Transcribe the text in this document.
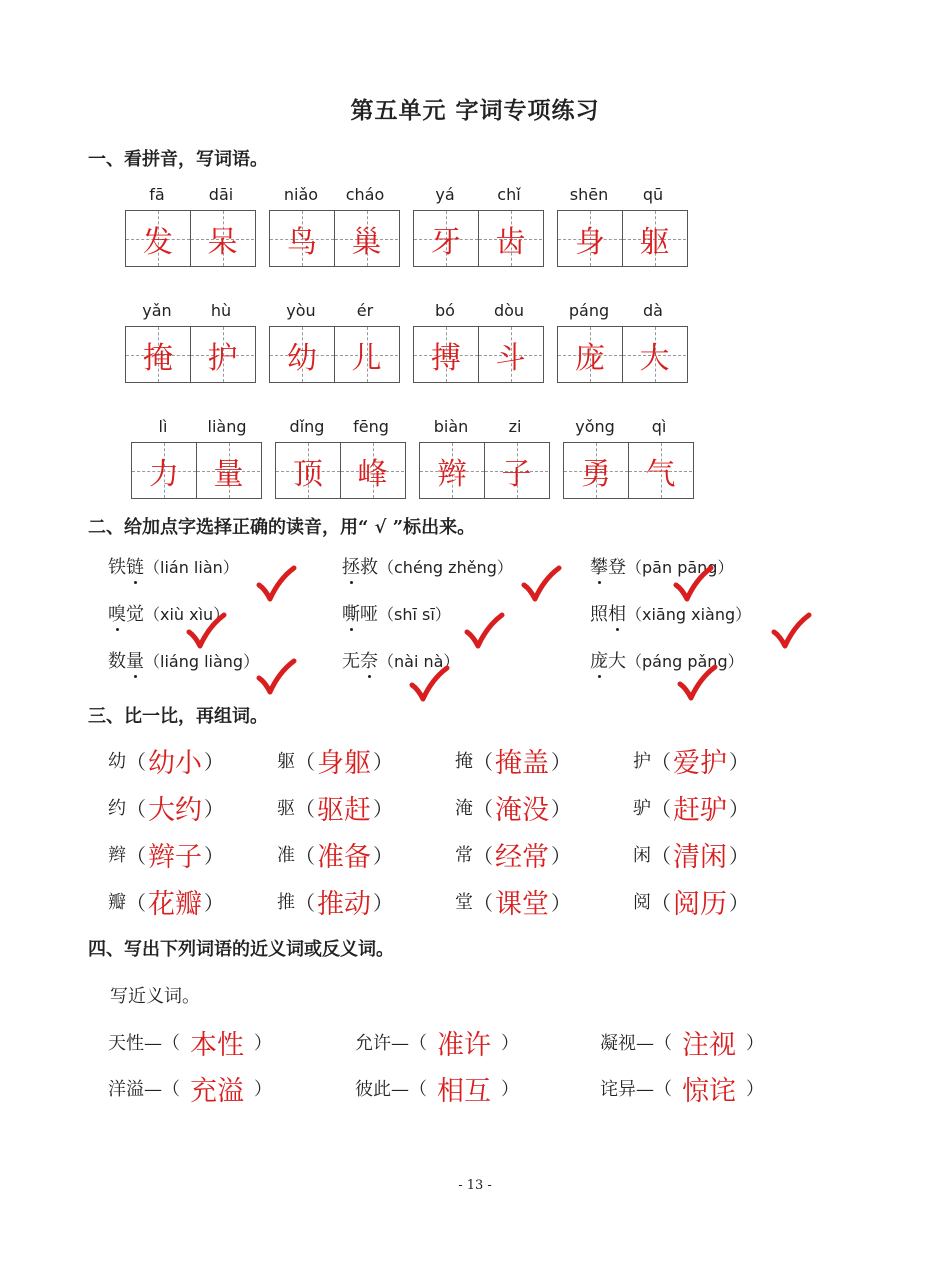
第五单元 字词专项练习
一、看拼音，写词语。
fā	dāi
发	呆
niǎo	cháo
鸟	巢
yá	chǐ
牙	齿
shēn	qū
身	躯
yǎn	hù
掩	护
yòu	ér
幼	儿
bó	dòu
搏	斗
páng	dà
庞	大
lì	liàng
力	量
dǐng	fēng
顶	峰
biàn	zi
辫	子
yǒng	qì
勇	气
二、给加点字选择正确的读音，用“ √ ”标出来。
铁链（lián liàn）	拯救（chéng zhěng）	攀登（pān pāng）
嗅觉（xiù xìu）	嘶哑（shī sī）	照相（xiāng xiàng）
数量（liáng liàng）	无奈（nài nà）	庞大（páng pǎng）
三、比一比，再组词。
幼 （ 幼小 ）	躯 （ 身躯 ）	掩 （ 掩盖 ）	护 （ 爱护 ）
约 （ 大约 ）	驱 （ 驱赶 ）	淹 （ 淹没 ）	驴 （ 赶驴 ）
辫 （ 辫子 ）	准 （ 准备 ）	常 （ 经常 ）	闲 （ 清闲 ）
瓣 （ 花瓣 ）	推 （ 推动 ）	堂 （ 课堂 ）	阅 （ 阅历 ）
四、写出下列词语的近义词或反义词。
写近义词。
天性—（ 本性 ）	允许—（ 准许 ）	凝视—（ 注视 ）
洋溢—（ 充溢 ）	彼此—（ 相互 ）	诧异—（ 惊诧 ）
- 13 -
